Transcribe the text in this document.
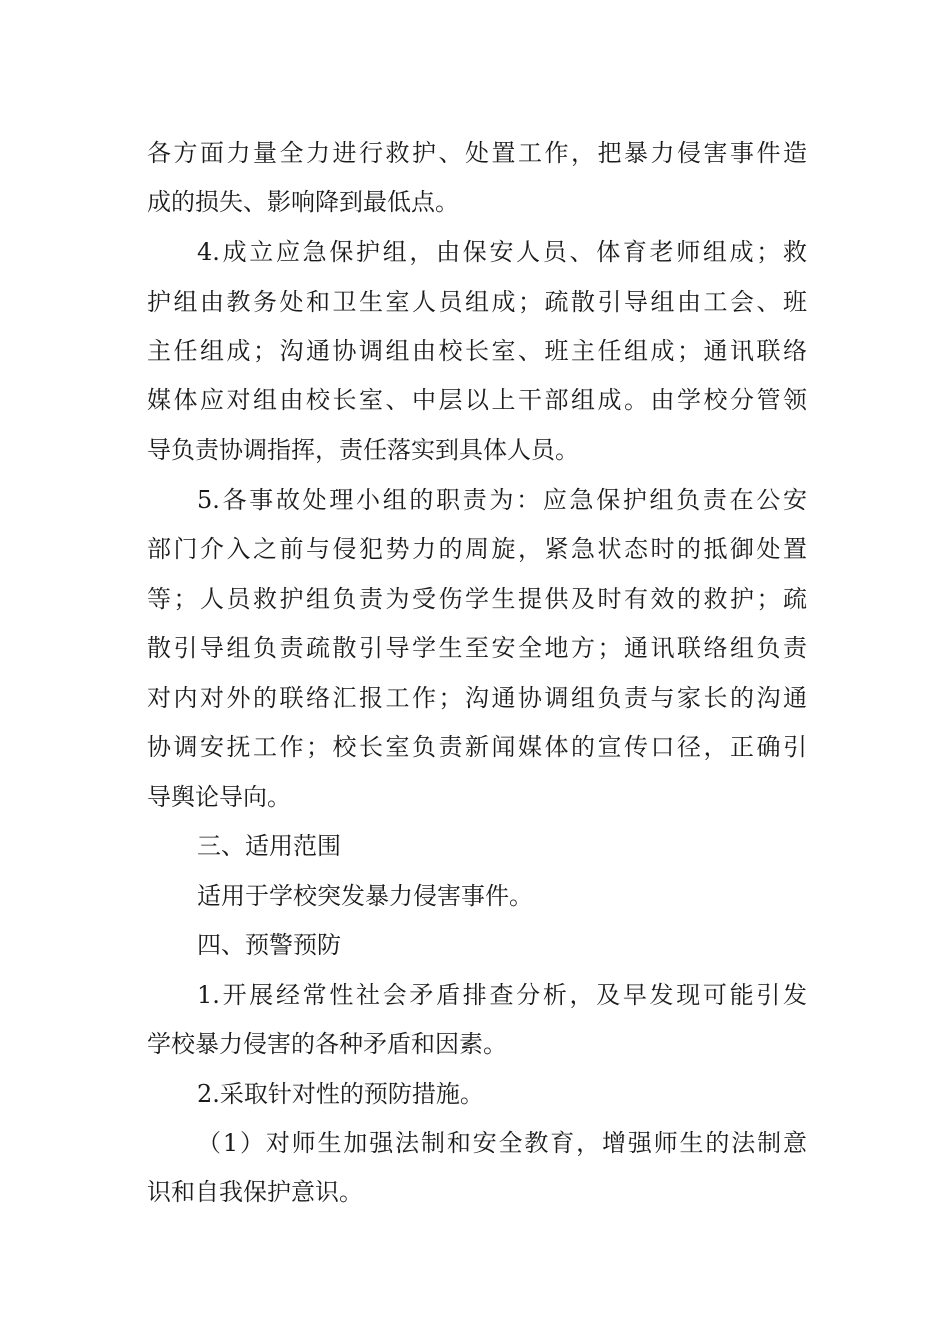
各方面力量全力进行救护、处置工作，把暴力侵害事件造
成的损失、影响降到最低点。
4.成立应急保护组，由保安人员、体育老师组成；救
护组由教务处和卫生室人员组成；疏散引导组由工会、班
主任组成；沟通协调组由校长室、班主任组成；通讯联络
媒体应对组由校长室、中层以上干部组成。由学校分管领
导负责协调指挥，责任落实到具体人员。
5.各事故处理小组的职责为：应急保护组负责在公安
部门介入之前与侵犯势力的周旋，紧急状态时的抵御处置
等；人员救护组负责为受伤学生提供及时有效的救护；疏
散引导组负责疏散引导学生至安全地方；通讯联络组负责
对内对外的联络汇报工作；沟通协调组负责与家长的沟通
协调安抚工作；校长室负责新闻媒体的宣传口径，正确引
导舆论导向。
三、适用范围
适用于学校突发暴力侵害事件。
四、预警预防
1.开展经常性社会矛盾排查分析，及早发现可能引发
学校暴力侵害的各种矛盾和因素。
2.采取针对性的预防措施。
（1）对师生加强法制和安全教育，增强师生的法制意
识和自我保护意识。
